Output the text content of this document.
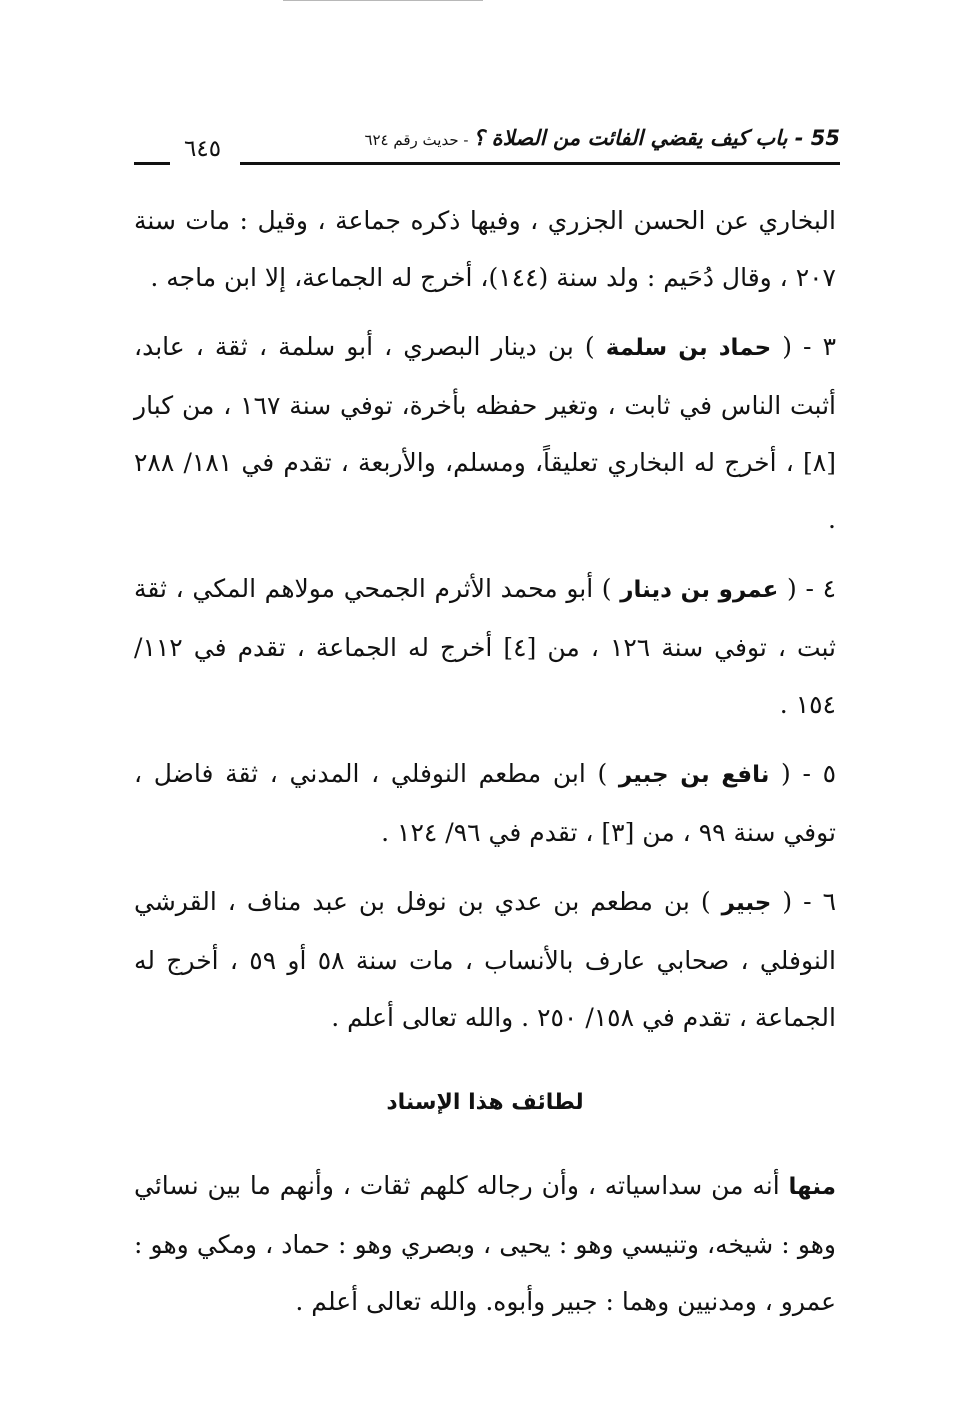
55 - باب كيف يقضي الفائت من الصلاة ؟ - حديث رقم ٦٢٤
٦٤٥

البخاري عن الحسن الجزري ، وفيها ذكره جماعة ، وقيل : مات سنة ٢٠٧ ، وقال دُحَيم : ولد سنة (١٤٤)، أخرج له الجماعة، إلا ابن ماجه .

٣ - ( حماد بن سلمة ) بن دينار البصري ، أبو سلمة ، ثقة ، عابد، أثبت الناس في ثابت ، وتغير حفظه بأخرة، توفي سنة ١٦٧ ، من كبار [٨] ، أخرج له البخاري تعليقاً، ومسلم، والأربعة ، تقدم في ١٨١/ ٢٨٨ .

٤ - ( عمرو بن دينار ) أبو محمد الأثرم الجمحي مولاهم المكي ، ثقة ثبت ، توفي سنة ١٢٦ ، من [٤] أخرج له الجماعة ، تقدم في ١١٢/ ١٥٤ .

٥ - ( نافع بن جبير ) ابن مطعم النوفلي ، المدني ، ثقة فاضل ، توفي سنة ٩٩ ، من [٣] ، تقدم في ٩٦/ ١٢٤ .

٦ - ( جبير ) بن مطعم بن عدي بن نوفل بن عبد مناف ، القرشي النوفلي ، صحابي عارف بالأنساب ، مات سنة ٥٨ أو ٥٩ ، أخرج له الجماعة ، تقدم في ١٥٨/ ٢٥٠ . والله تعالى أعلم .

لطائف هذا الإسناد

منها أنه من سداسياته ، وأن رجاله كلهم ثقات ، وأنهم ما بين نسائي وهو : شيخه، وتنيسي وهو : يحيى ، وبصري وهو : حماد ، ومكي وهو : عمرو ، ومدنيين وهما : جبير وأبوه. والله تعالى أعلم .
